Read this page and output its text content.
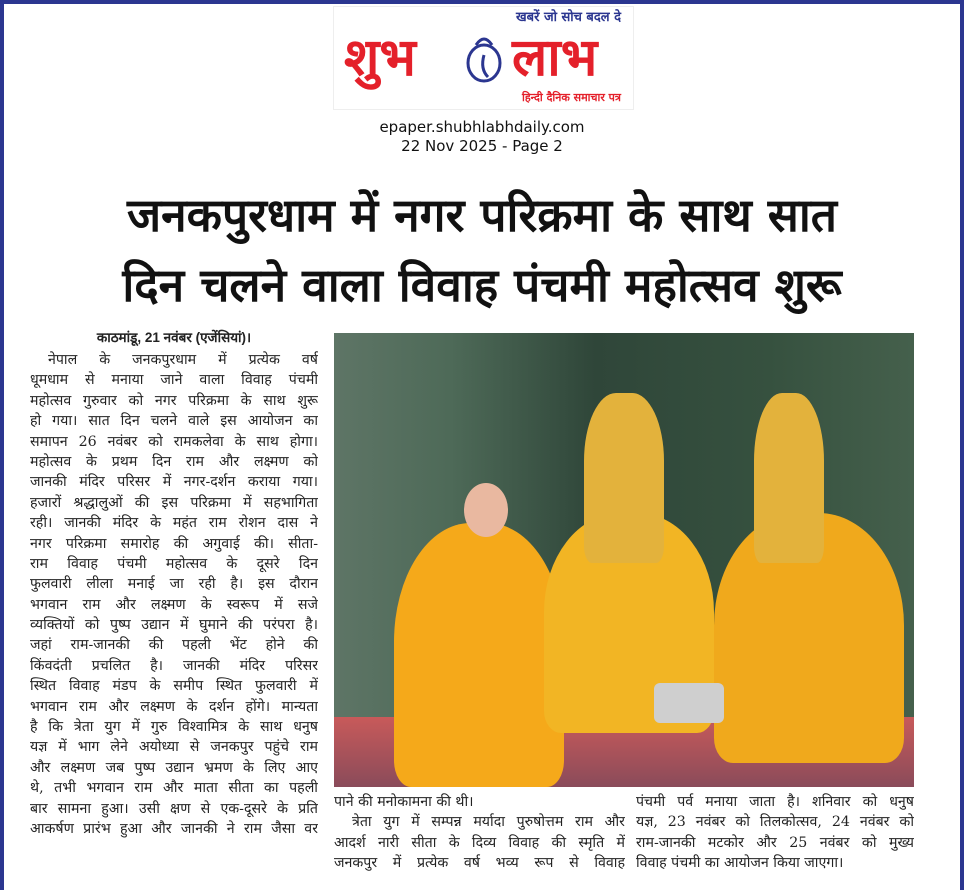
खबरें जो सोच बदल दे
शुभ लाभ
हिन्दी दैनिक समाचार पत्र
epaper.shubhlabhdaily.com
22 Nov 2025 - Page 2
जनकपुरधाम में नगर परिक्रमा के साथ सात
दिन चलने वाला विवाह पंचमी महोत्सव शुरू
काठमांडू, 21 नवंबर (एजेंसियां)।
नेपाल के जनकपुरधाम में प्रत्येक वर्ष
धूमधाम से मनाया जाने वाला विवाह पंचमी
महोत्सव गुरुवार को नगर परिक्रमा के साथ शुरू
हो गया। सात दिन चलने वाले इस आयोजन का
समापन 26 नवंबर को रामकलेवा के साथ होगा।
महोत्सव के प्रथम दिन राम और लक्ष्मण को
जानकी मंदिर परिसर में नगर-दर्शन कराया गया।
हजारों श्रद्धालुओं की इस परिक्रमा में सहभागिता
रही। जानकी मंदिर के महंत राम रोशन दास ने
नगर परिक्रमा समारोह की अगुवाई की। सीता-
राम विवाह पंचमी महोत्सव के दूसरे दिन
फुलवारी लीला मनाई जा रही है। इस दौरान
भगवान राम और लक्ष्मण के स्वरूप में सजे
व्यक्तियों को पुष्प उद्यान में घुमाने की परंपरा है।
जहां राम-जानकी की पहली भेंट होने की
किंवदंती प्रचलित है। जानकी मंदिर परिसर
स्थित विवाह मंडप के समीप स्थित फुलवारी में
भगवान राम और लक्ष्मण के दर्शन होंगे। मान्यता
है कि त्रेता युग में गुरु विश्वामित्र के साथ धनुष
यज्ञ में भाग लेने अयोध्या से जनकपुर पहुंचे राम
और लक्ष्मण जब पुष्प उद्यान भ्रमण के लिए आए
थे, तभी भगवान राम और माता सीता का पहली
बार सामना हुआ। उसी क्षण से एक-दूसरे के प्रति
आकर्षण प्रारंभ हुआ और जानकी ने राम जैसा वर
पाने की मनोकामना की थी।
त्रेता युग में सम्पन्न मर्यादा पुरुषोत्तम राम और
आदर्श नारी सीता के दिव्य विवाह की स्मृति में
जनकपुर में प्रत्येक वर्ष भव्य रूप से विवाह
पंचमी पर्व मनाया जाता है। शनिवार को धनुष
यज्ञ, 23 नवंबर को तिलकोत्सव, 24 नवंबर को
राम-जानकी मटकोर और 25 नवंबर को मुख्य
विवाह पंचमी का आयोजन किया जाएगा।
